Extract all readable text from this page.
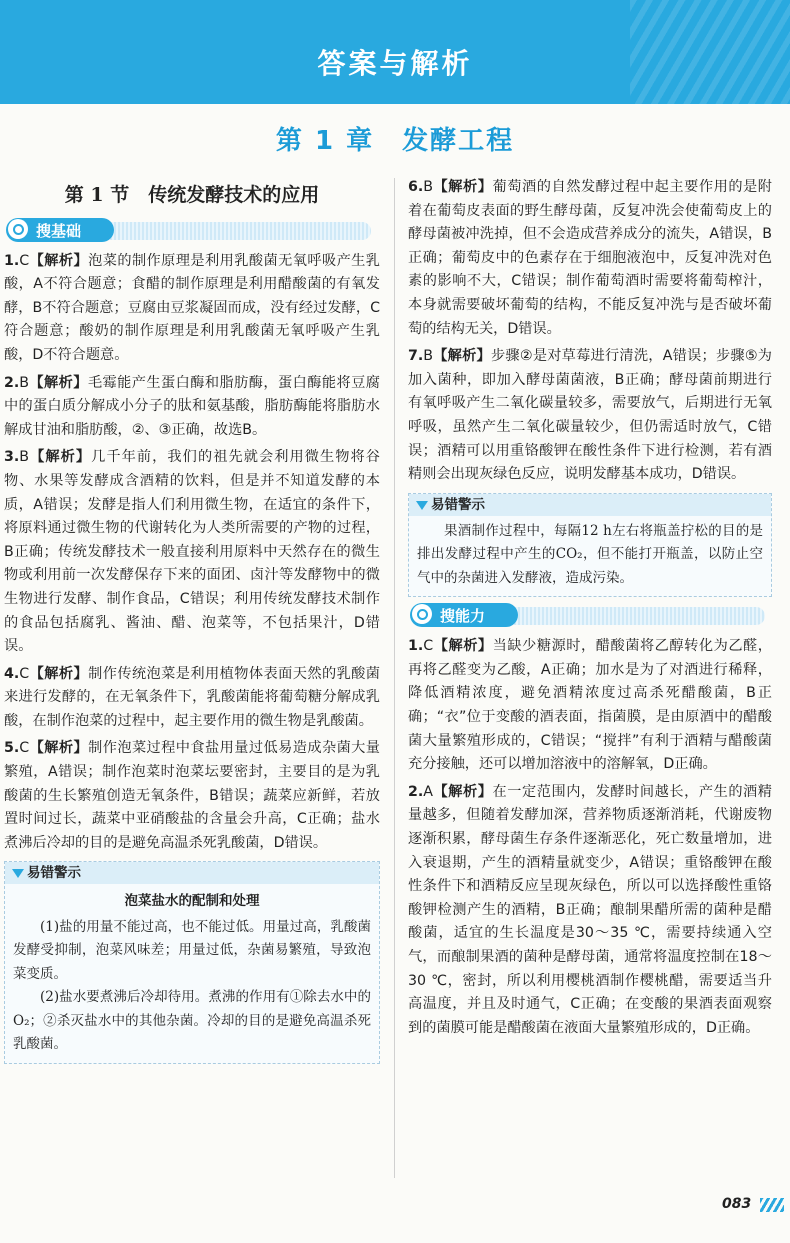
答案与解析
第 1 章　发酵工程
第 1 节　传统发酵技术的应用
搜基础

1.C【解析】泡菜的制作原理是利用乳酸菌无氧呼吸产生乳酸，A不符合题意；食醋的制作原理是利用醋酸菌的有氧发酵，B不符合题意；豆腐由豆浆凝固而成，没有经过发酵，C符合题意；酸奶的制作原理是利用乳酸菌无氧呼吸产生乳酸，D不符合题意。

2.B【解析】毛霉能产生蛋白酶和脂肪酶，蛋白酶能将豆腐中的蛋白质分解成小分子的肽和氨基酸，脂肪酶能将脂肪水解成甘油和脂肪酸，②、③正确，故选B。

3.B【解析】几千年前，我们的祖先就会利用微生物将谷物、水果等发酵成含酒精的饮料，但是并不知道发酵的本质，A错误；发酵是指人们利用微生物，在适宜的条件下，将原料通过微生物的代谢转化为人类所需要的产物的过程，B正确；传统发酵技术一般直接利用原料中天然存在的微生物或利用前一次发酵保存下来的面团、卤汁等发酵物中的微生物进行发酵、制作食品，C错误；利用传统发酵技术制作的食品包括腐乳、酱油、醋、泡菜等，不包括果汁，D错误。

4.C【解析】制作传统泡菜是利用植物体表面天然的乳酸菌来进行发酵的，在无氧条件下，乳酸菌能将葡萄糖分解成乳酸，在制作泡菜的过程中，起主要作用的微生物是乳酸菌。

5.C【解析】制作泡菜过程中食盐用量过低易造成杂菌大量繁殖，A错误；制作泡菜时泡菜坛要密封，主要目的是为乳酸菌的生长繁殖创造无氧条件，B错误；蔬菜应新鲜，若放置时间过长，蔬菜中亚硝酸盐的含量会升高，C正确；盐水煮沸后冷却的目的是避免高温杀死乳酸菌，D错误。

易错警示
泡菜盐水的配制和处理

(1)盐的用量不能过高，也不能过低。用量过高，乳酸菌发酵受抑制，泡菜风味差；用量过低，杂菌易繁殖，导致泡菜变质。

(2)盐水要煮沸后冷却待用。煮沸的作用有①除去水中的O₂；②杀灭盐水中的其他杂菌。冷却的目的是避免高温杀死乳酸菌。

6.B【解析】葡萄酒的自然发酵过程中起主要作用的是附着在葡萄皮表面的野生酵母菌，反复冲洗会使葡萄皮上的酵母菌被冲洗掉，但不会造成营养成分的流失，A错误，B正确；葡萄皮中的色素存在于细胞液泡中，反复冲洗对色素的影响不大，C错误；制作葡萄酒时需要将葡萄榨汁，本身就需要破坏葡萄的结构，不能反复冲洗与是否破坏葡萄的结构无关，D错误。

7.B【解析】步骤②是对草莓进行清洗，A错误；步骤⑤为加入菌种，即加入酵母菌菌液，B正确；酵母菌前期进行有氧呼吸产生二氧化碳量较多，需要放气，后期进行无氧呼吸，虽然产生二氧化碳量较少，但仍需适时放气，C错误；酒精可以用重铬酸钾在酸性条件下进行检测，若有酒精则会出现灰绿色反应，说明发酵基本成功，D错误。

易错警示

果酒制作过程中，每隔12 h左右将瓶盖拧松的目的是排出发酵过程中产生的CO₂，但不能打开瓶盖，以防止空气中的杂菌进入发酵液，造成污染。

搜能力

1.C【解析】当缺少糖源时，醋酸菌将乙醇转化为乙醛，再将乙醛变为乙酸，A正确；加水是为了对酒进行稀释，降低酒精浓度，避免酒精浓度过高杀死醋酸菌，B正确；“衣”位于变酸的酒表面，指菌膜，是由原酒中的醋酸菌大量繁殖形成的，C错误；“搅拌”有利于酒精与醋酸菌充分接触，还可以增加溶液中的溶解氧，D正确。

2.A【解析】在一定范围内，发酵时间越长，产生的酒精量越多，但随着发酵加深，营养物质逐渐消耗，代谢废物逐渐积累，酵母菌生存条件逐渐恶化，死亡数量增加，进入衰退期，产生的酒精量就变少，A错误；重铬酸钾在酸性条件下和酒精反应呈现灰绿色，所以可以选择酸性重铬酸钾检测产生的酒精，B正确；酿制果醋所需的菌种是醋酸菌，适宜的生长温度是30～35 ℃，需要持续通入空气，而酿制果酒的菌种是酵母菌，通常将温度控制在18～30 ℃，密封，所以利用樱桃酒制作樱桃醋，需要适当升高温度，并且及时通气，C正确；在变酸的果酒表面观察到的菌膜可能是醋酸菌在液面大量繁殖形成的，D正确。

083
